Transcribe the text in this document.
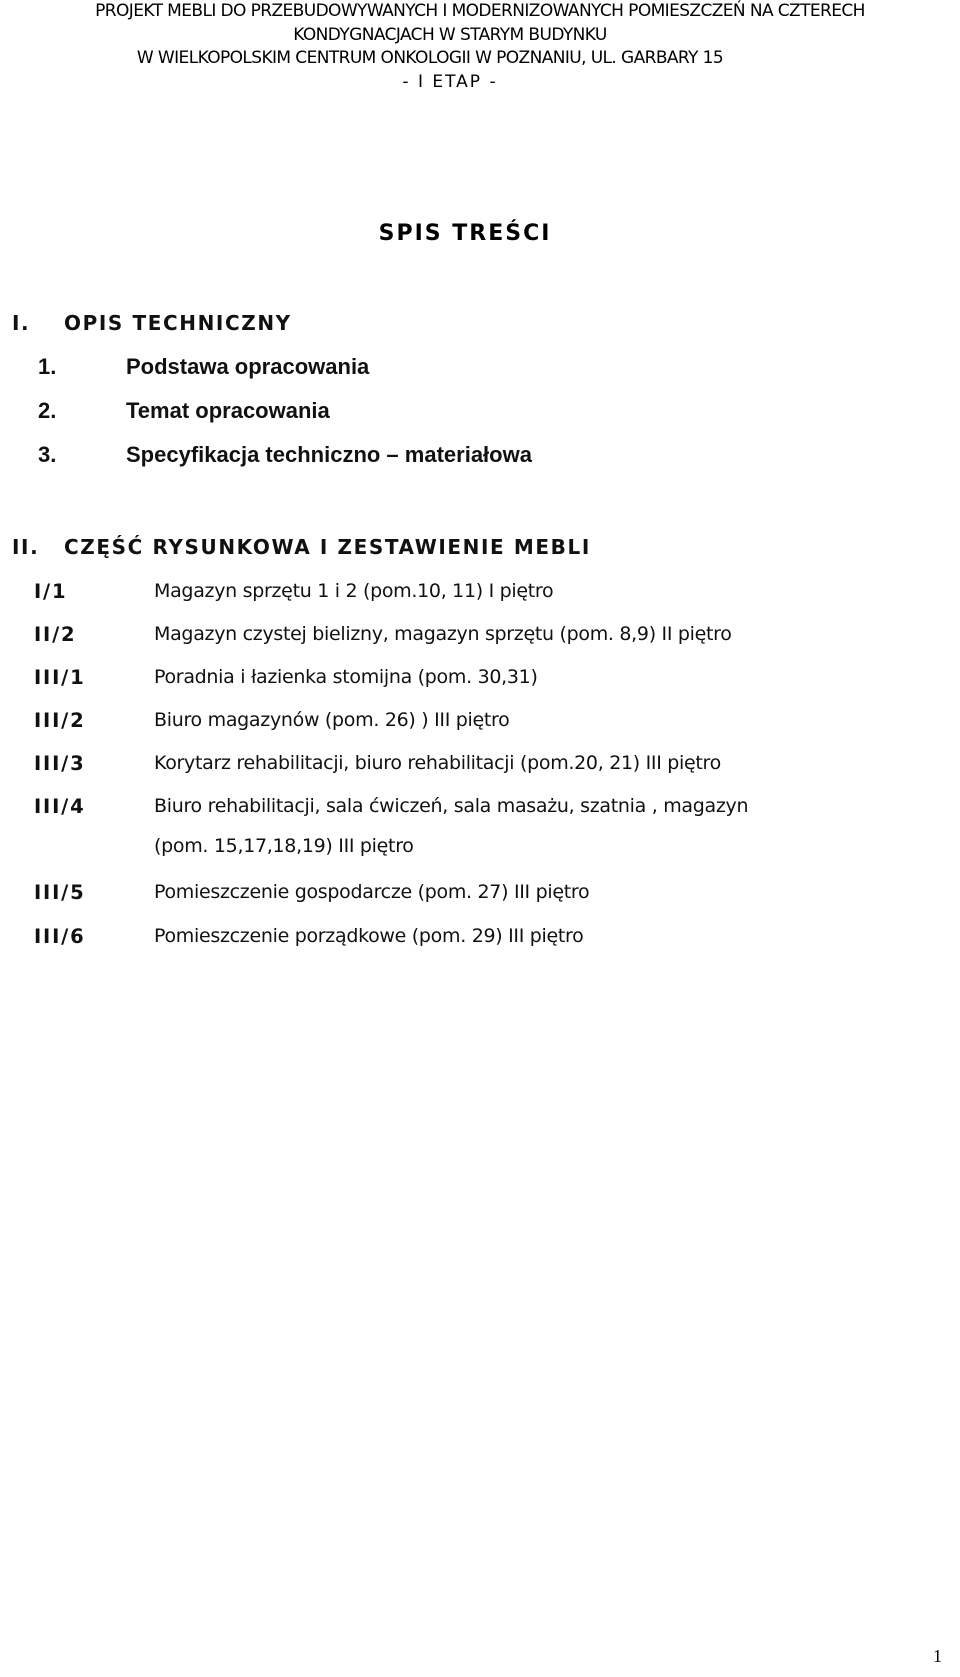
PROJEKT MEBLI DO PRZEBUDOWYWANYCH I MODERNIZOWANYCH POMIESZCZEŃ NA CZTERECH
KONDYGNACJACH W STARYM BUDYNKU
W WIELKOPOLSKIM CENTRUM ONKOLOGII W POZNANIU, UL. GARBARY 15
- I ETAP -
SPIS TREŚCI
I. OPIS TECHNICZNY
1.	Podstawa opracowania
2.	Temat opracowania
3.	Specyfikacja techniczno – materiałowa
II. CZĘŚĆ RYSUNKOWA I ZESTAWIENIE MEBLI
I/1	Magazyn sprzętu 1 i 2 (pom.10, 11) I piętro
II/2	Magazyn czystej bielizny, magazyn sprzętu (pom. 8,9) II piętro
III/1	Poradnia i łazienka stomijna (pom. 30,31)
III/2	Biuro magazynów (pom. 26) ) III piętro
III/3	Korytarz rehabilitacji, biuro rehabilitacji (pom.20, 21) III piętro
III/4	Biuro rehabilitacji, sala ćwiczeń, sala masażu, szatnia , magazyn
(pom. 15,17,18,19) III piętro
III/5	Pomieszczenie gospodarcze (pom. 27) III piętro
III/6	Pomieszczenie porządkowe (pom. 29) III piętro
1
